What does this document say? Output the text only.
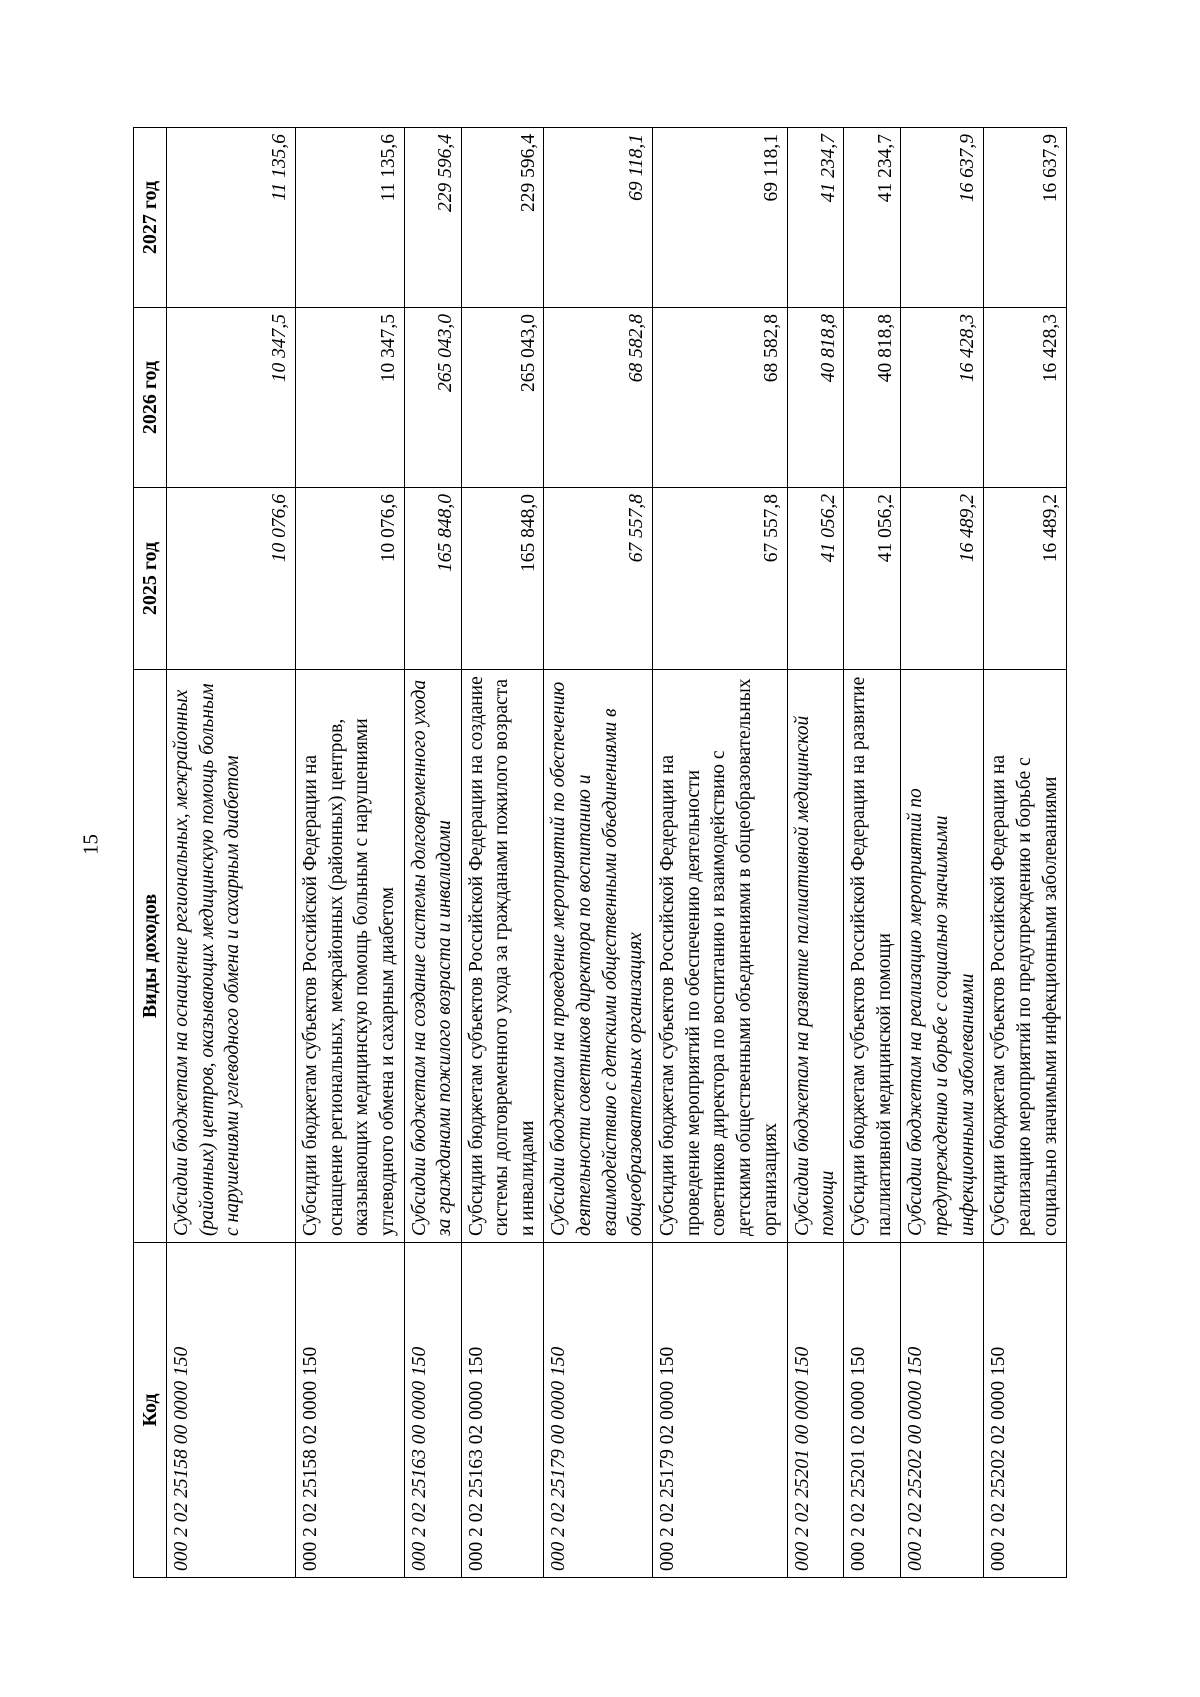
15
Код	Виды доходов	2025 год	2026 год	2027 год
000 2 02 25158 00 0000 150	Субсидии бюджетам на оснащение региональных, межрайонных (районных) центров, оказывающих медицинскую помощь больным с нарушениями углеводного обмена и сахарным диабетом	10 076,6	10 347,5	11 135,6
000 2 02 25158 02 0000 150	Субсидии бюджетам субъектов Российской Федерации на оснащение региональных, межрайонных (районных) центров, оказывающих медицинскую помощь больным с нарушениями углеводного обмена и сахарным диабетом	10 076,6	10 347,5	11 135,6
000 2 02 25163 00 0000 150	Субсидии бюджетам на создание системы долговременного ухода за гражданами пожилого возраста и инвалидами	165 848,0	265 043,0	229 596,4
000 2 02 25163 02 0000 150	Субсидии бюджетам субъектов Российской Федерации на создание системы долговременного ухода за гражданами пожилого возраста и инвалидами	165 848,0	265 043,0	229 596,4
000 2 02 25179 00 0000 150	Субсидии бюджетам на проведение мероприятий по обеспечению деятельности советников директора по воспитанию и взаимодействию с детскими общественными объединениями в общеобразовательных организациях	67 557,8	68 582,8	69 118,1
000 2 02 25179 02 0000 150	Субсидии бюджетам субъектов Российской Федерации на проведение мероприятий по обеспечению деятельности советников директора по воспитанию и взаимодействию с детскими общественными объединениями в общеобразовательных организациях	67 557,8	68 582,8	69 118,1
000 2 02 25201 00 0000 150	Субсидии бюджетам на развитие паллиативной медицинской помощи	41 056,2	40 818,8	41 234,7
000 2 02 25201 02 0000 150	Субсидии бюджетам субъектов Российской Федерации на развитие паллиативной медицинской помощи	41 056,2	40 818,8	41 234,7
000 2 02 25202 00 0000 150	Субсидии бюджетам на реализацию мероприятий по предупреждению и борьбе с социально значимыми инфекционными заболеваниями	16 489,2	16 428,3	16 637,9
000 2 02 25202 02 0000 150	Субсидии бюджетам субъектов Российской Федерации на реализацию мероприятий по предупреждению и борьбе с социально значимыми инфекционными заболеваниями	16 489,2	16 428,3	16 637,9
